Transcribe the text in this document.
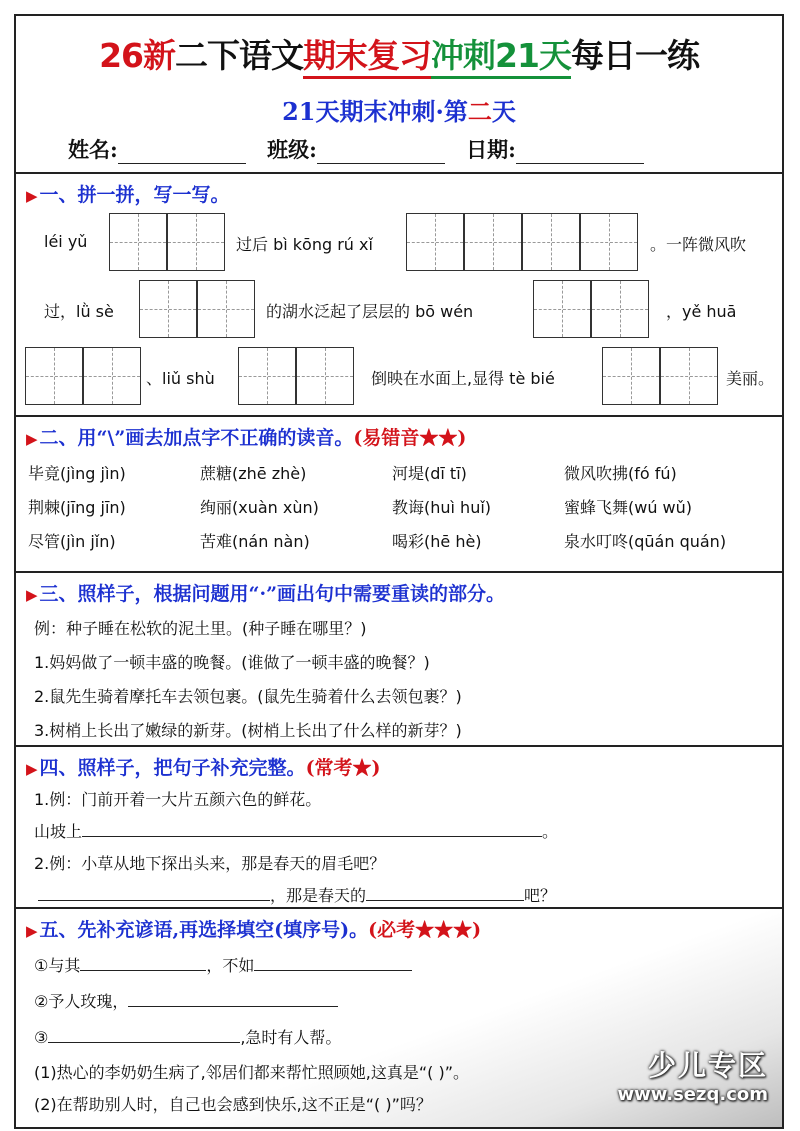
26新二下语文期末复习冲刺21天每日一练
21天期末冲刺·第二天
姓名:	班级:	日期:
▶ 一、拼一拼，写一写。
léi yǔ	过后 bì kōng rú xǐ	。一阵微风吹
过，lǜ sè	的湖水泛起了层层的 bō wén	，yě huā
、liǔ shù	倒映在水面上,显得 tè bié	美丽。
▶ 二、用“\”画去加点字不正确的读音。(易错音★★)
毕竟(jìng jìn)	蔗糖(zhē zhè)	河堤(dī tī)	微风吹拂(fó fú)
荆棘(jīng jīn)	绚丽(xuàn xùn)	教诲(huì huǐ)	蜜蜂飞舞(wú wǔ)
尽管(jìn jǐn)	苦难(nán nàn)	喝彩(hē hè)	泉水叮咚(qūán quán)
▶ 三、照样子，根据问题用“·”画出句中需要重读的部分。
例：种子睡在松软的泥土里。(种子睡在哪里？)
1.妈妈做了一顿丰盛的晚餐。(谁做了一顿丰盛的晚餐？)
2.鼠先生骑着摩托车去领包裹。(鼠先生骑着什么去领包裹？)
3.树梢上长出了嫩绿的新芽。(树梢上长出了什么样的新芽？)
▶ 四、照样子，把句子补充完整。(常考★)
1.例：门前开着一大片五颜六色的鲜花。
山坡上	。
2.例：小草从地下探出头来，那是春天的眉毛吧？
，那是春天的	吧？
▶ 五、先补充谚语,再选择填空(填序号)。(必考★★★)
①与其	，不如
②予人玫瑰，
③	,急时有人帮。
(1)热心的李奶奶生病了,邻居们都来帮忙照顾她,这真是“( )”。
(2)在帮助别人时，自己也会感到快乐,这不正是“( )”吗？
少儿专区
www.sezq.com
